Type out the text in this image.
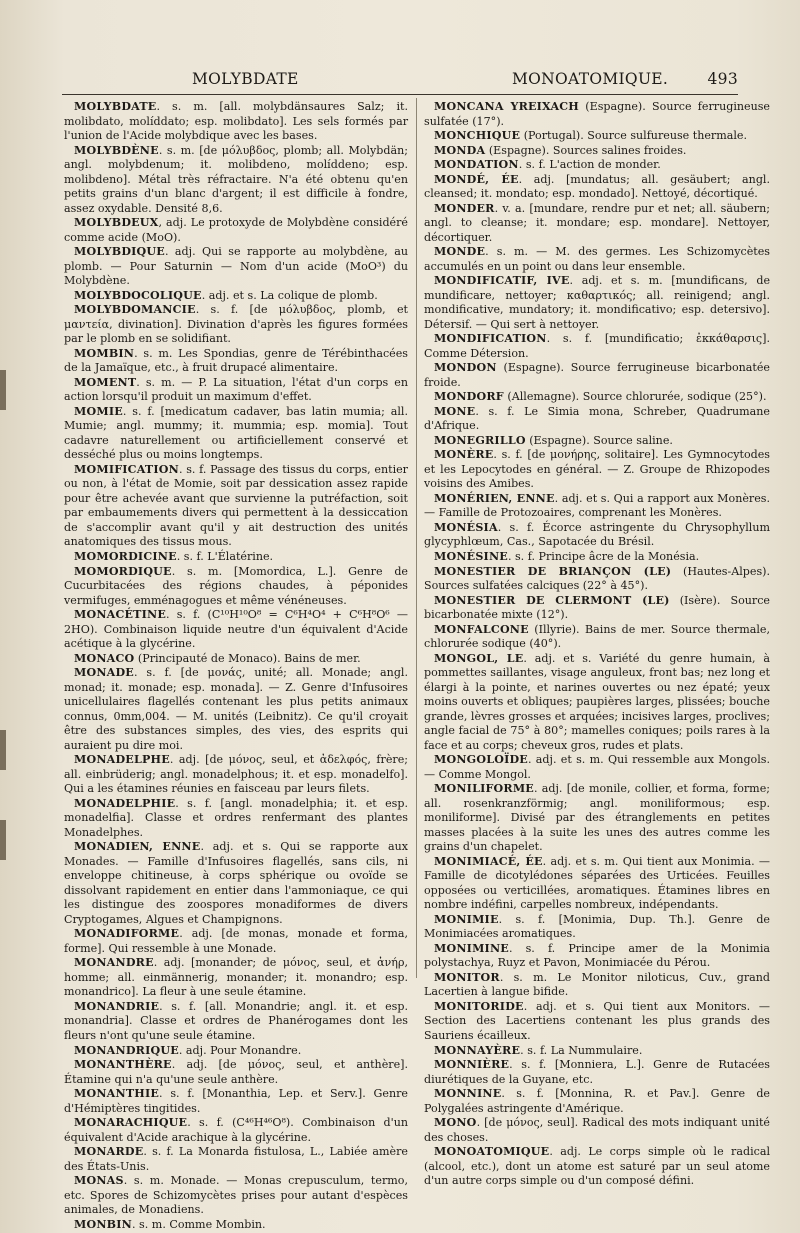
MOLYBDATE	MONOATOMIQUE.	493

MOLYBDATE. s. m. [all. molybdänsaures Salz; it. molibdato, molíddato; esp. molibdato]. Les sels formés par l'union de l'Acide molybdique avec les bases.

MOLYBDÈNE. s. m. [de μόλυβδος, plomb; all. Molybdän; angl. molybdenum; it. molibdeno, molíddeno; esp. molibdeno]. Métal très réfractaire. N'a été obtenu qu'en petits grains d'un blanc d'argent; il est difficile à fondre, assez oxydable. Densité 8,6.

MOLYBDEUX, adj. Le protoxyde de Molybdène considéré comme acide (MoO).

MOLYBDIQUE. adj. Qui se rapporte au molybdène, au plomb. — Pour Saturnin — Nom d'un acide (MoO³) du Molybdène.

MOLYBDOCOLIQUE. adj. et s. La colique de plomb.

MOLYBDOMANCIE. s. f. [de μόλυβδος, plomb, et μαντεία, divination]. Divination d'après les figures formées par le plomb en se solidifiant.

MOMBIN. s. m. Les Spondias, genre de Térébinthacées de la Jamaïque, etc., à fruit drupacé alimentaire.

MOMENT. s. m. — P. La situation, l'état d'un corps en action lorsqu'il produit un maximum d'effet.

MOMIE. s. f. [medicatum cadaver, bas latin mumia; all. Mumie; angl. mummy; it. mummia; esp. momia]. Tout cadavre naturellement ou artificiellement conservé et desséché plus ou moins longtemps.

MOMIFICATION. s. f. Passage des tissus du corps, entier ou non, à l'état de Momie, soit par dessication assez rapide pour être achevée avant que survienne la putréfaction, soit par embaumements divers qui permettent à la dessiccation de s'accomplir avant qu'il y ait destruction des unités anatomiques des tissus mous.

MOMORDICINE. s. f. L'Élatérine.

MOMORDIQUE. s. m. [Momordica, L.]. Genre de Cucurbitacées des régions chaudes, à péponides vermifuges, emménagogues et même vénéneuses.

MONACÉTINE. s. f. (C¹⁰H¹⁰O⁸ = C⁶H⁴O⁴ + C⁶H⁸O⁶ — 2HO). Combinaison liquide neutre d'un équivalent d'Acide acétique à la glycérine.

MONACO (Principauté de Monaco). Bains de mer.

MONADE. s. f. [de μονάς, unité; all. Monade; angl. monad; it. monade; esp. monada]. — Z. Genre d'Infusoires unicellulaires flagellés contenant les plus petits animaux connus, 0mm,004. — M. unités (Leibnitz). Ce qu'il croyait être des substances simples, des vies, des esprits qui auraient pu dire moi.

MONADELPHE. adj. [de μόνος, seul, et ἀδελφός, frère; all. einbrüderig; angl. monadelphous; it. et esp. monadelfo]. Qui a les étamines réunies en faisceau par leurs filets.

MONADELPHIE. s. f. [angl. monadelphia; it. et esp. monadelfia]. Classe et ordres renfermant des plantes Monadelphes.

MONADIEN, ENNE. adj. et s. Qui se rapporte aux Monades. — Famille d'Infusoires flagellés, sans cils, ni enveloppe chitineuse, à corps sphérique ou ovoïde se dissolvant rapidement en entier dans l'ammoniaque, ce qui les distingue des zoospores monadiformes de divers Cryptogames, Algues et Champignons.

MONADIFORME. adj. [de monas, monade et forma, forme]. Qui ressemble à une Monade.

MONANDRE. adj. [monander; de μόνος, seul, et ἀνήρ, homme; all. einmännerig, monander; it. monandro; esp. monandrico]. La fleur à une seule étamine.

MONANDRIE. s. f. [all. Monandrie; angl. it. et esp. monandria]. Classe et ordres de Phanérogames dont les fleurs n'ont qu'une seule étamine.

MONANDRIQUE. adj. Pour Monandre.

MONANTHÈRE. adj. [de μόνος, seul, et anthère]. Étamine qui n'a qu'une seule anthère.

MONANTHIE. s. f. [Monanthia, Lep. et Serv.]. Genre d'Hémiptères tingitides.

MONARACHIQUE. s. f. (C⁴⁶H⁴⁶O⁸). Combinaison d'un équivalent d'Acide arachique à la glycérine.

MONARDE. s. f. La Monarda fistulosa, L., Labiée amère des États-Unis.

MONAS. s. m. Monade. — Monas crepusculum, termo, etc. Spores de Schizomycètes prises pour autant d'espèces animales, de Monadiens.

MONBIN. s. m. Comme Mombin.

MONCANA YREIXACH (Espagne). Source ferrugineuse sulfatée (17°).

MONCHIQUE (Portugal). Source sulfureuse thermale.

MONDA (Espagne). Sources salines froides.

MONDATION. s. f. L'action de monder.

MONDÉ, ÉE. adj. [mundatus; all. gesäubert; angl. cleansed; it. mondato; esp. mondado]. Nettoyé, décortiqué.

MONDER. v. a. [mundare, rendre pur et net; all. säubern; angl. to cleanse; it. mondare; esp. mondare]. Nettoyer, décortiquer.

MONDE. s. m. — M. des germes. Les Schizomycètes accumulés en un point ou dans leur ensemble.

MONDIFICATIF, IVE. adj. et s. m. [mundificans, de mundificare, nettoyer; καθαρτικός; all. reinigend; angl. mondificative, mundatory; it. mondificativo; esp. detersivo]. Détersif. — Qui sert à nettoyer.

MONDIFICATION. s. f. [mundificatio; ἐκκάθαρσις]. Comme Détersion.

MONDON (Espagne). Source ferrugineuse bicarbonatée froide.

MONDORF (Allemagne). Source chlorurée, sodique (25°).

MONE. s. f. Le Simia mona, Schreber, Quadrumane d'Afrique.

MONEGRILLO (Espagne). Source saline.

MONÈRE. s. f. [de μονήρης, solitaire]. Les Gymnocytodes et les Lepocytodes en général. — Z. Groupe de Rhizopodes voisins des Amibes.

MONÉRIEN, ENNE. adj. et s. Qui a rapport aux Monères. — Famille de Protozoaires, comprenant les Monères.

MONÉSIA. s. f. Écorce astringente du Chrysophyllum glycyphlœum, Cas., Sapotacée du Brésil.

MONÉSINE. s. f. Principe âcre de la Monésia.

MONESTIER DE BRIANÇON (LE) (Hautes-Alpes). Sources sulfatées calciques (22° à 45°).

MONESTIER DE CLERMONT (LE) (Isère). Source bicarbonatée mixte (12°).

MONFALCONE (Illyrie). Bains de mer. Source thermale, chlorurée sodique (40°).

MONGOL, LE. adj. et s. Variété du genre humain, à pommettes saillantes, visage anguleux, front bas; nez long et élargi à la pointe, et narines ouvertes ou nez épaté; yeux moins ouverts et obliques; paupières larges, plissées; bouche grande, lèvres grosses et arquées; incisives larges, proclives; angle facial de 75° à 80°; mamelles coniques; poils rares à la face et au corps; cheveux gros, rudes et plats.

MONGOLOÏDE. adj. et s. m. Qui ressemble aux Mongols. — Comme Mongol.

MONILIFORME. adj. [de monile, collier, et forma, forme; all. rosenkranzförmig; angl. moniliformous; esp. moniliforme]. Divisé par des étranglements en petites masses placées à la suite les unes des autres comme les grains d'un chapelet.

MONIMIACÉ, ÉE. adj. et s. m. Qui tient aux Monimia. — Famille de dicotylédones séparées des Urticées. Feuilles opposées ou verticillées, aromatiques. Étamines libres en nombre indéfini, carpelles nombreux, indépendants.

MONIMIE. s. f. [Monimia, Dup. Th.]. Genre de Monimiacées aromatiques.

MONIMINE. s. f. Principe amer de la Monimia polystachya, Ruyz et Pavon, Monimiacée du Pérou.

MONITOR. s. m. Le Monitor niloticus, Cuv., grand Lacertien à langue bifide.

MONITORIDE. adj. et s. Qui tient aux Monitors. — Section des Lacertiens contenant les plus grands des Sauriens écailleux.

MONNAYÈRE. s. f. La Nummulaire.

MONNIÈRE. s. f. [Monniera, L.]. Genre de Rutacées diurétiques de la Guyane, etc.

MONNINE. s. f. [Monnina, R. et Pav.]. Genre de Polygalées astringente d'Amérique.

MONO. [de μόνος, seul]. Radical des mots indiquant unité des choses.

MONOATOMIQUE. adj. Le corps simple où le radical (alcool, etc.), dont un atome est saturé par un seul atome d'un autre corps simple ou d'un composé défini.
